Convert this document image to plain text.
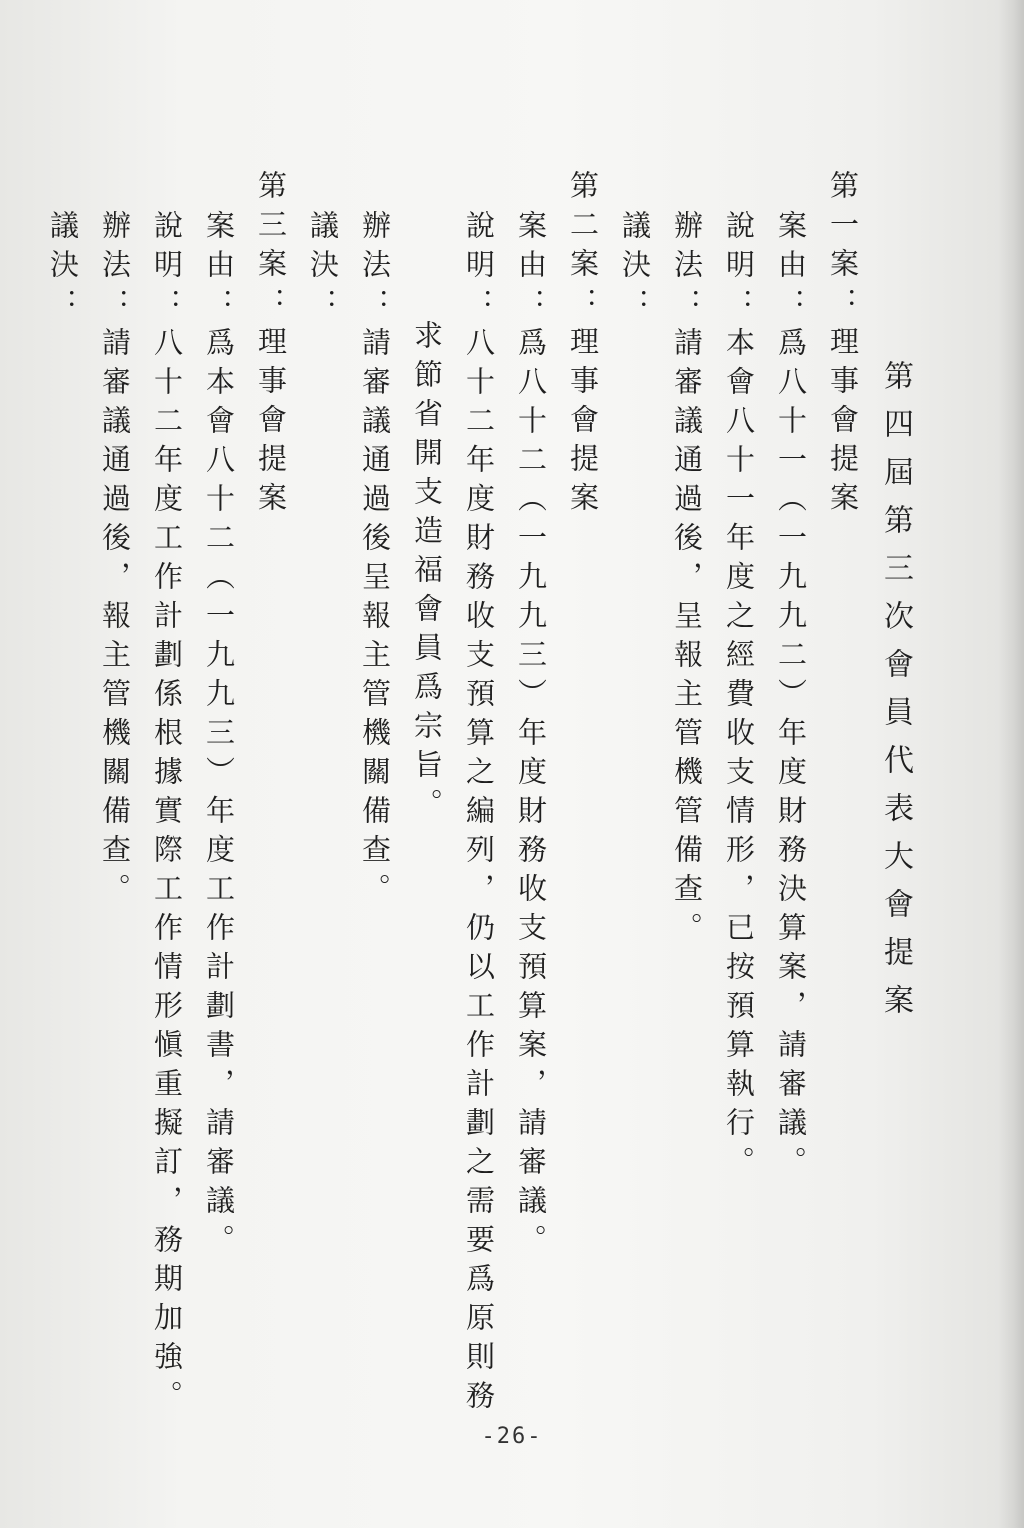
第四屆第三次會員代表大會提案
第一案：理事會提案
案由：爲八十一（一九九二）年度財務決算案，請審議。
說明：本會八十一年度之經費收支情形，已按預算執行。
辦法：請審議通過後，呈報主管機管備查。
議決：
第二案：理事會提案
案由：爲八十二（一九九三）年度財務收支預算案，請審議。
說明：八十二年度財務收支預算之編列，仍以工作計劃之需要爲原則務
求節省開支造福會員爲宗旨。
辦法：請審議通過後呈報主管機關備查。
議決：
第三案：理事會提案
案由：爲本會八十二（一九九三）年度工作計劃書，請審議。
說明：八十二年度工作計劃係根據實際工作情形愼重擬訂，務期加強。
辦法：請審議通過後，報主管機關備查。
議決：
-26-
